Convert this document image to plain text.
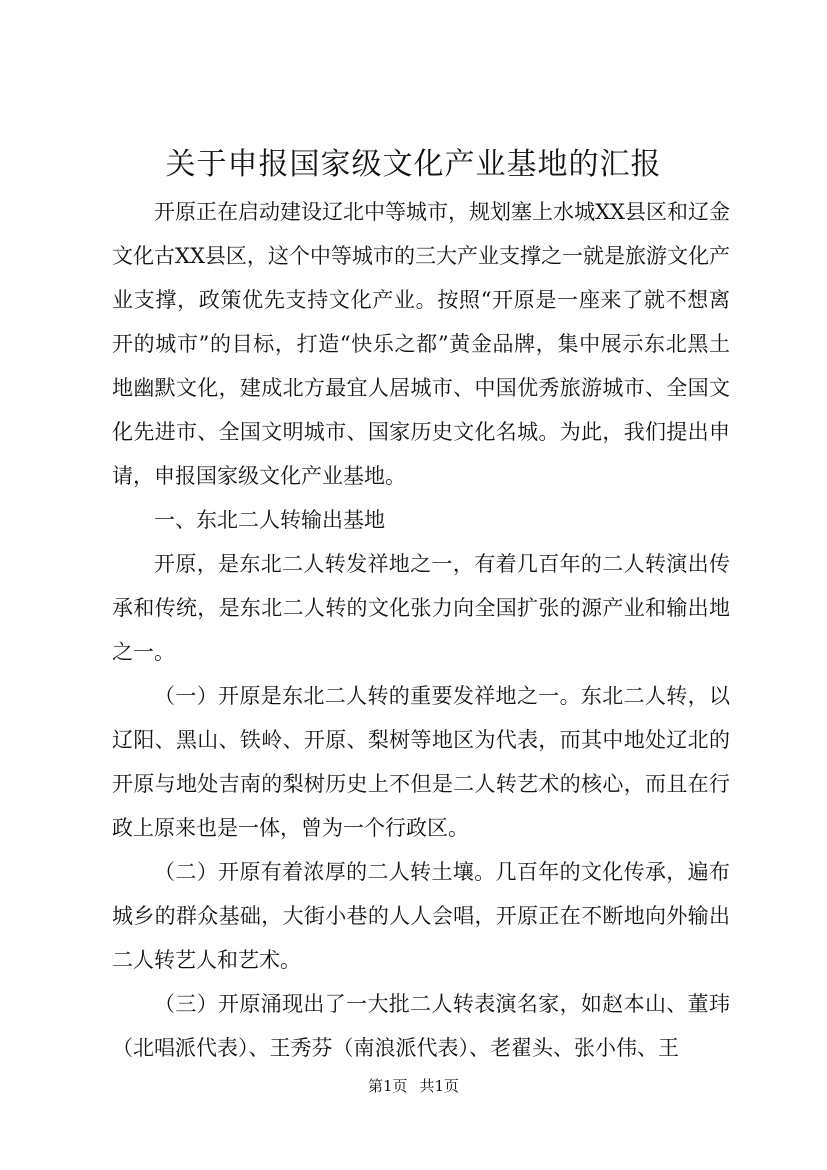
关于申报国家级文化产业基地的汇报

开原正在启动建设辽北中等城市，规划塞上水城XX县区和辽金文化古XX县区，这个中等城市的三大产业支撑之一就是旅游文化产业支撑，政策优先支持文化产业。按照“开原是一座来了就不想离开的城市”的目标，打造“快乐之都”黄金品牌，集中展示东北黑土地幽默文化，建成北方最宜人居城市、中国优秀旅游城市、全国文化先进市、全国文明城市、国家历史文化名城。为此，我们提出申请，申报国家级文化产业基地。

一、东北二人转输出基地

开原，是东北二人转发祥地之一，有着几百年的二人转演出传承和传统，是东北二人转的文化张力向全国扩张的源产业和输出地之一。

（一）开原是东北二人转的重要发祥地之一。东北二人转，以辽阳、黑山、铁岭、开原、梨树等地区为代表，而其中地处辽北的开原与地处吉南的梨树历史上不但是二人转艺术的核心，而且在行政上原来也是一体，曾为一个行政区。

（二）开原有着浓厚的二人转土壤。几百年的文化传承，遍布城乡的群众基础，大街小巷的人人会唱，开原正在不断地向外输出二人转艺人和艺术。

（三）开原涌现出了一大批二人转表演名家，如赵本山、董玮（北唱派代表）、王秀芬（南浪派代表）、老翟头、张小伟、王

第1页 共1页
